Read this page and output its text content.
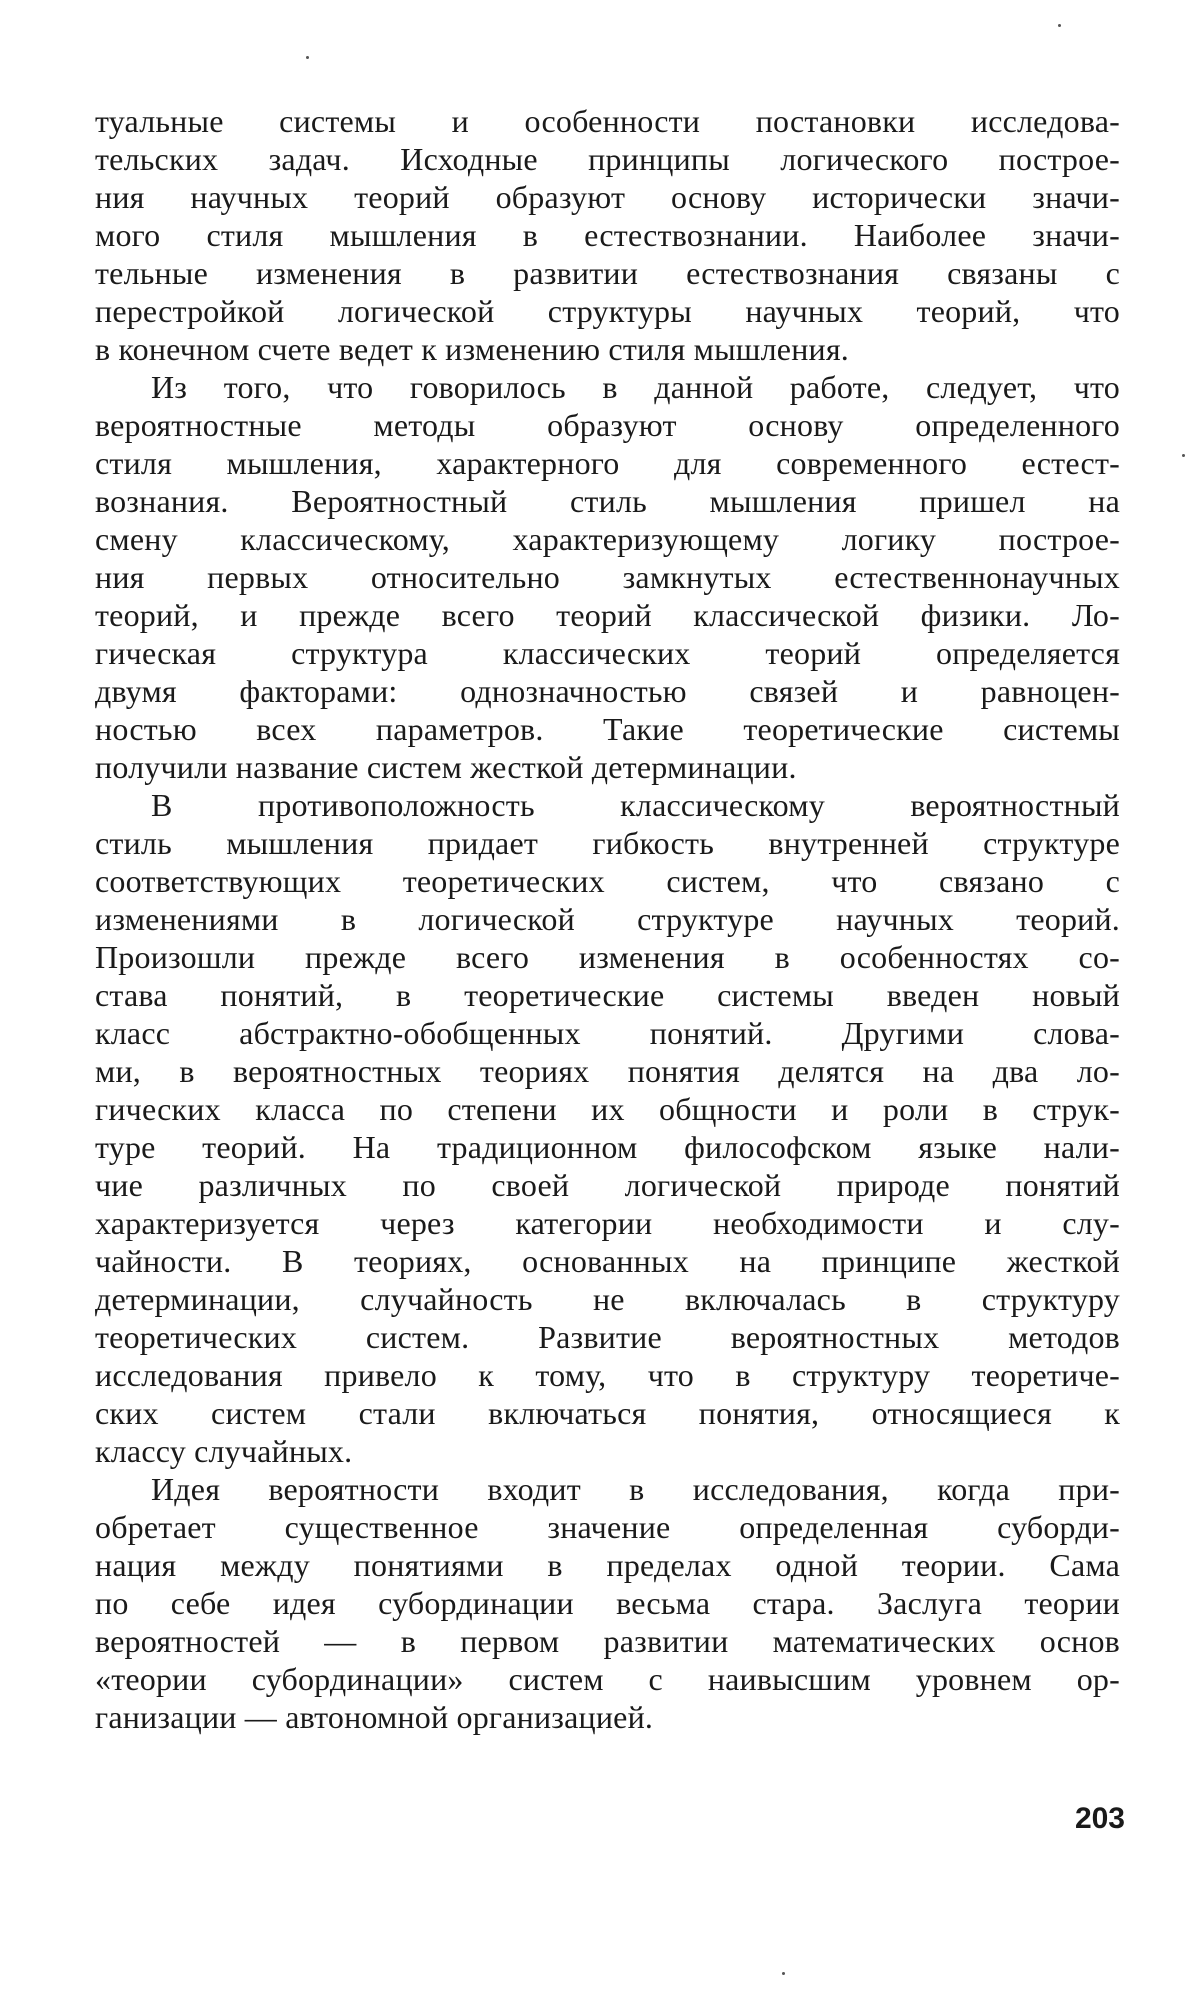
туальные системы и особенности постановки исследова-
тельских задач. Исходные принципы логического построе-
ния научных теорий образуют основу исторически значи-
мого стиля мышления в естествознании. Наиболее значи-
тельные изменения в развитии естествознания связаны с
перестройкой логической структуры научных теорий, что
в конечном счете ведет к изменению стиля мышления.
Из того, что говорилось в данной работе, следует, что
вероятностные методы образуют основу определенного
стиля мышления, характерного для современного естест-
вознания. Вероятностный стиль мышления пришел на
смену классическому, характеризующему логику построе-
ния первых относительно замкнутых естественнонаучных
теорий, и прежде всего теорий классической физики. Ло-
гическая структура классических теорий определяется
двумя факторами: однозначностью связей и равноцен-
ностью всех параметров. Такие теоретические системы
получили название систем жесткой детерминации.
В противоположность классическому вероятностный
стиль мышления придает гибкость внутренней структуре
соответствующих теоретических систем, что связано с
изменениями в логической структуре научных теорий.
Произошли прежде всего изменения в особенностях со-
става понятий, в теоретические системы введен новый
класс абстрактно-обобщенных понятий. Другими слова-
ми, в вероятностных теориях понятия делятся на два ло-
гических класса по степени их общности и роли в струк-
туре теорий. На традиционном философском языке нали-
чие различных по своей логической природе понятий
характеризуется через категории необходимости и слу-
чайности. В теориях, основанных на принципе жесткой
детерминации, случайность не включалась в структуру
теоретических систем. Развитие вероятностных методов
исследования привело к тому, что в структуру теоретиче-
ских систем стали включаться понятия, относящиеся к
классу случайных.
Идея вероятности входит в исследования, когда при-
обретает существенное значение определенная суборди-
нация между понятиями в пределах одной теории. Сама
по себе идея субординации весьма стара. Заслуга теории
вероятностей — в первом развитии математических основ
«теории субординации» систем с наивысшим уровнем ор-
ганизации — автономной организацией.
203
